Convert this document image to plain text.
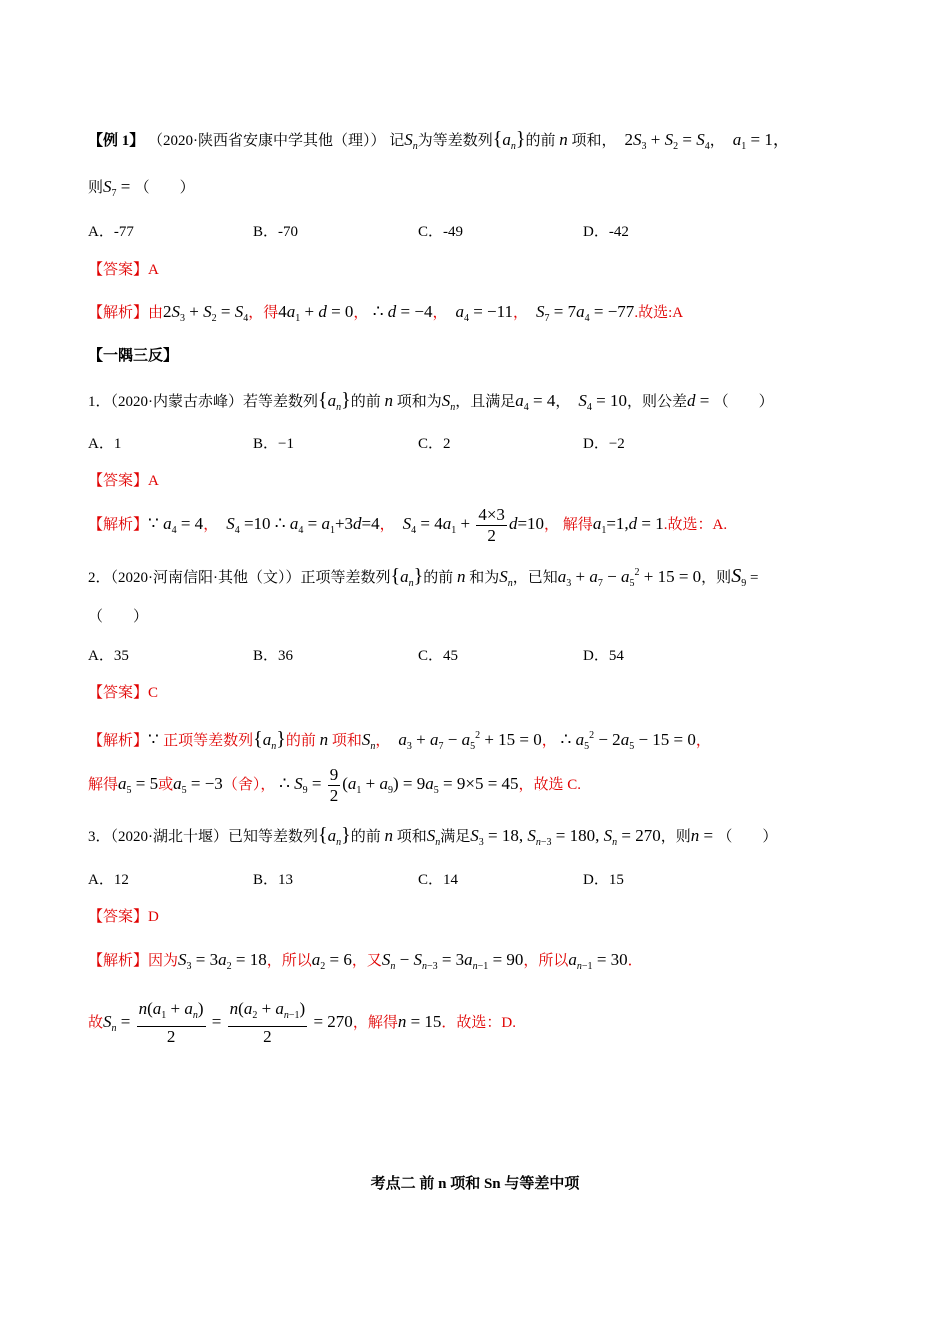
【例 1】 （2020·陕西省安康中学其他（理）） 记$S_n$为等差数列$\{a_n\}$的前 n 项和，  $2S_3 + S_2 = S_4$， $a_1 = 1$，
则$S_7$ = （　　）
A．-77	B．-70	C．-49	D．-42
【答案】A
【解析】由$2S_3 + S_2 = S_4$，得$4a_1 + d = 0$， ∴ d = −4，  $a_4 = -11$，  $S_7 = 7a_4 = -77$.故选:A
【一隅三反】
1．（2020·内蒙古赤峰）若等差数列$\{a_n\}$的前 n 项和为$S_n$，且满足$a_4 = 4$，  $S_4 = 10$，则公差d = （　　）
A．1	B．−1	C．2	D．−2
【答案】A
【解析】∵ $a_4 = 4$，  $S_4 =10$ ∴ $a_4 = a_1+3d=4$，  $S_4 = 4a_1 + \frac{4\times 3}{2} d=10$， 解得$a_1=1,d = 1$.故选：A.
2．（2020·河南信阳·其他（文））正项等差数列$\{a_n\}$的前 n 和为$S_n$，已知$a_3 + a_7 - a_5^2 + 15 = 0$，则$S_9$ =
（　　）
A．35	B．36	C．45	D．54
【答案】C
【解析】∵ 正项等差数列$\{a_n\}$的前 n 项和$S_n$，  $a_3 + a_7 - a_5^2 + 15 = 0$， ∴ $a_5^2 - 2a_5 - 15 = 0$，
解得$a_5 = 5$或$a_5 = -3$（舍）， ∴ $S_9 = \frac{9}{2} (a_1 + a_9) = 9a_5 = 9\times 5 = 45$，故选 C.
3．（2020·湖北十堰）已知等差数列$\{a_n\}$的前 n 项和$S_n$满足$S_3 = 18$, $S_{n-3} = 180$, $S_n = 270$，则n = （　　）
A．12	B．13	C．14	D．15
【答案】D
【解析】因为$S_3 = 3a_2 = 18$，所以$a_2 = 6$，又$S_n - S_{n-3} = 3a_{n-1} = 90$，所以$a_{n-1} = 30$．
故$S_n = \frac{n(a_1 + a_n)}{2} = \frac{n(a_2 + a_{n-1})}{2} = 270$，解得n = 15．故选：D.
考点二 前 n 项和 Sn 与等差中项
